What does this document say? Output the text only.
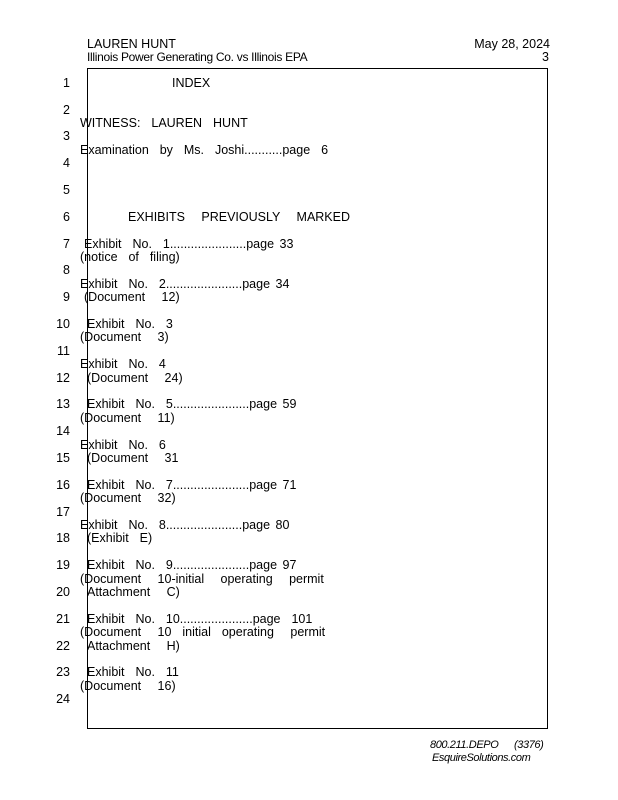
LAUREN HUNT	May 28, 2024
Illinois Power Generating Co. vs Illinois EPA	3
1
2
3
4
5
6
7
8
9
10
11
12
13
14
15
16
17
18
19
20
21
22
23
24
INDEX
WITNESS:  LAUREN  HUNT
Examination  by  Ms.  Joshi...........page  6
EXHIBITS   PREVIOUSLY   MARKED
Exhibit  No.  1......................page 33
(notice  of  filing)
Exhibit  No.  2......................page 34
(Document   12)
Exhibit  No.  3
(Document   3)
Exhibit  No.  4
(Document   24)
Exhibit  No.  5......................page 59
(Document   11)
Exhibit  No.  6
(Document   31
Exhibit  No.  7......................page 71
(Document   32)
Exhibit  No.  8......................page 80
(Exhibit  E)
Exhibit  No.  9......................page 97
(Document   10-initial   operating   permit
Attachment   C)
Exhibit  No.  10.....................page  101
(Document   10  initial  operating   permit
Attachment   H)
Exhibit  No.  11
(Document   16)
800.211.DEPO (3376)
EsquireSolutions.com
